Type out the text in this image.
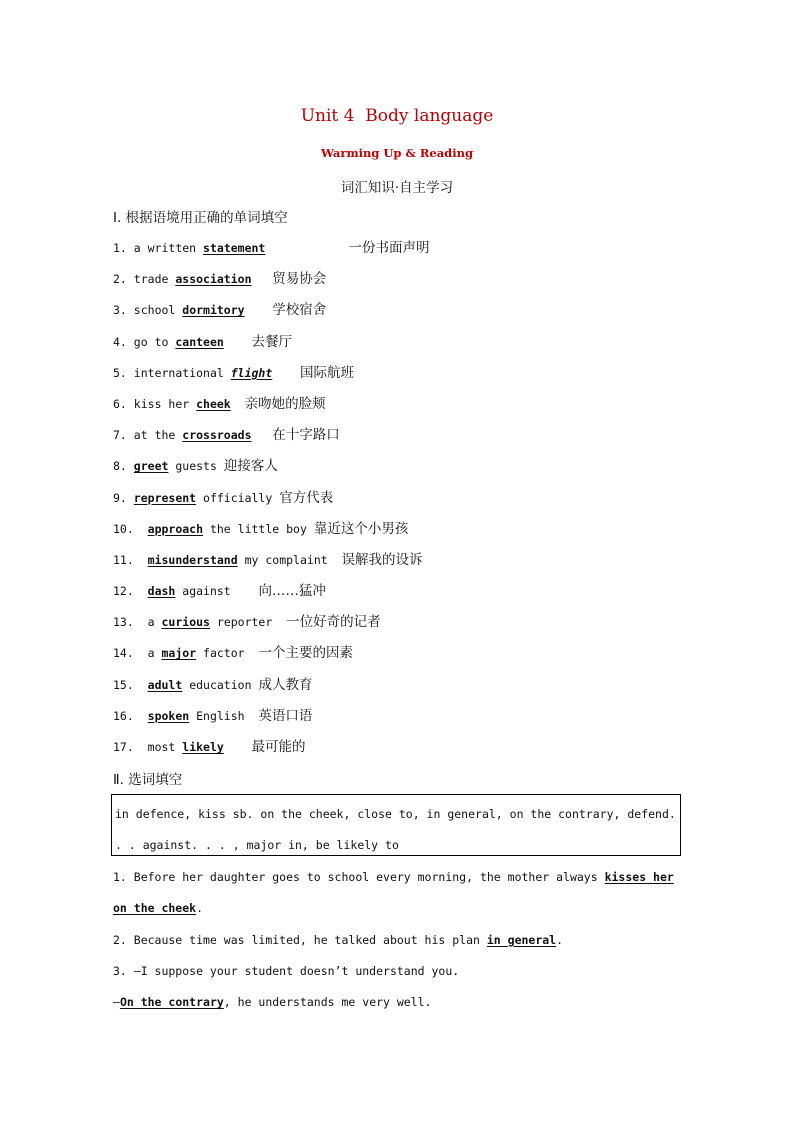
Unit 4  Body language
Warming Up & Reading
词汇知识·自主学习
Ⅰ. 根据语境用正确的单词填空
1. a written statement	一份书面声明
2. trade association 贸易协会
3. school dormitory 学校宿舍
4. go to canteen 去餐厅
5. international flight 国际航班
6. kiss her cheek 亲吻她的脸颊
7. at the crossroads 在十字路口
8. greet guests 迎接客人
9. represent officially 官方代表
10. approach the little boy 靠近这个小男孩
11. misunderstand my complaint 误解我的设诉
12. dash against 向……猛冲
13. a curious reporter 一位好奇的记者
14. a major factor 一个主要的因素
15. adult education 成人教育
16. spoken English 英语口语
17. most likely 最可能的
Ⅱ. 选词填空
in defence, kiss sb. on the cheek, close to, in general, on the contrary, defend.
. . against. . . , major in, be likely to

1. Before her daughter goes to school every morning, the mother always kisses her on the cheek.

2. Because time was limited, he talked about his plan in general.

3. —I suppose your student doesn’t understand you.

—On the contrary, he understands me very well.
